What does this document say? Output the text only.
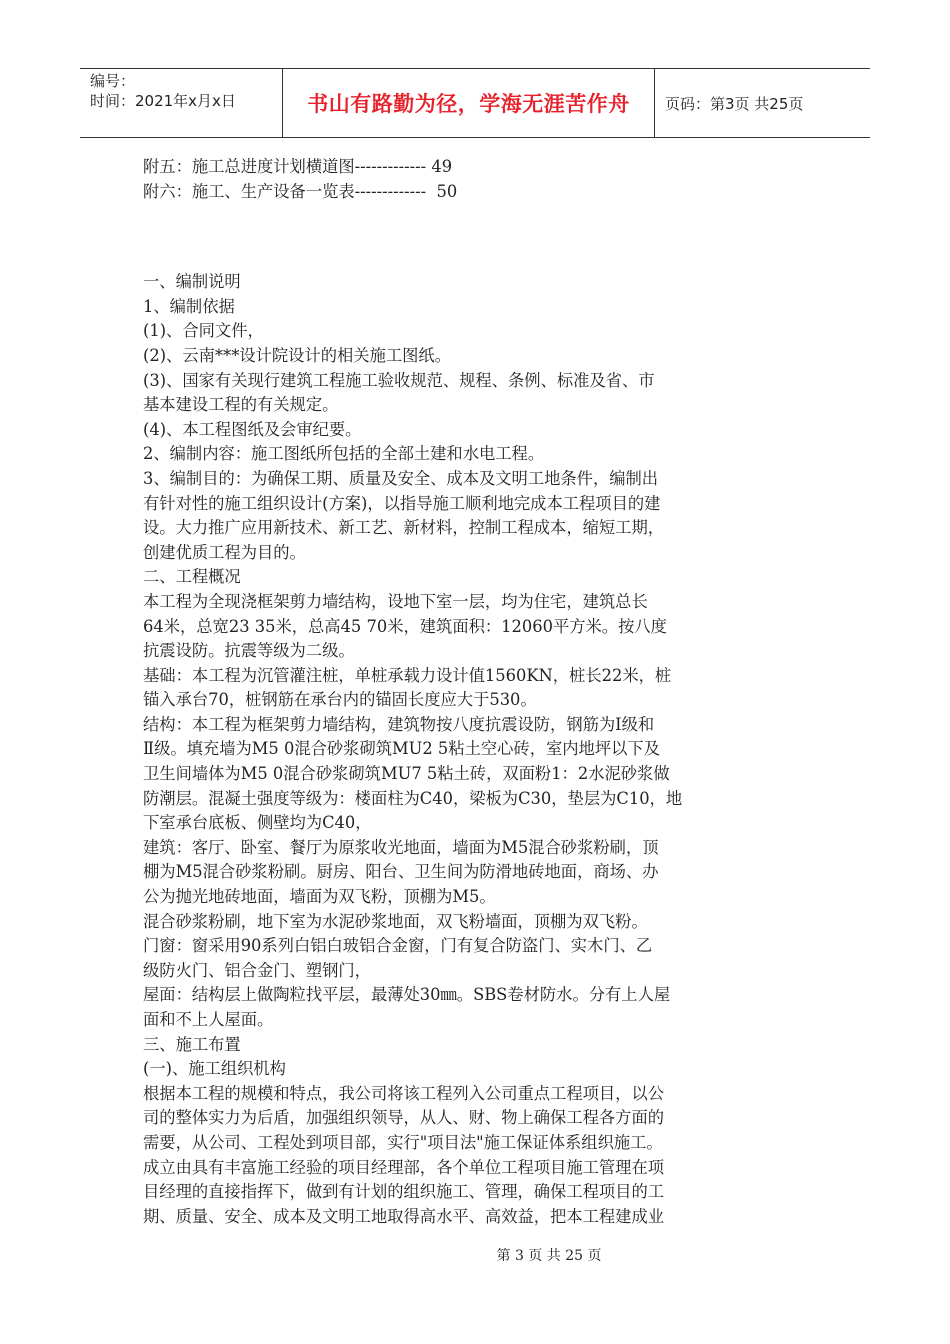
编号：
时间：2021年x月x日	书山有路勤为径，学海无涯苦作舟	页码：第3页 共25页

附五：施工总进度计划横道图------------- 49

附六：施工、生产设备一览表-------------  50

一、编制说明

1、编制依据

(1)、合同文件，

(2)、云南***设计院设计的相关施工图纸。

(3)、国家有关现行建筑工程施工验收规范、规程、条例、标准及省、市

基本建设工程的有关规定。

(4)、本工程图纸及会审纪要。

2、编制内容：施工图纸所包括的全部土建和水电工程。

3、编制目的：为确保工期、质量及安全、成本及文明工地条件，编制出

有针对性的施工组织设计(方案)，以指导施工顺利地完成本工程项目的建

设。大力推广应用新技术、新工艺、新材料，控制工程成本，缩短工期，

创建优质工程为目的。

二、工程概况

本工程为全现浇框架剪力墙结构，设地下室一层，均为住宅，建筑总长

64米，总宽23 35米，总高45 70米，建筑面积：12060平方米。按八度

抗震设防。抗震等级为二级。

基础：本工程为沉管灌注桩，单桩承载力设计值1560KN，桩长22米，桩

锚入承台70，桩钢筋在承台内的锚固长度应大于530。

结构：本工程为框架剪力墙结构，建筑物按八度抗震设防，钢筋为Ⅰ级和

Ⅱ级。填充墙为M5 0混合砂浆砌筑MU2 5粘土空心砖，室内地坪以下及

卫生间墙体为M5 0混合砂浆砌筑MU7 5粘土砖，双面粉1：2水泥砂浆做

防潮层。混凝土强度等级为：楼面柱为C40，梁板为C30，垫层为C10，地

下室承台底板、侧壁均为C40，

建筑：客厅、卧室、餐厅为原浆收光地面，墙面为M5混合砂浆粉刷，顶

棚为M5混合砂浆粉刷。厨房、阳台、卫生间为防滑地砖地面，商场、办

公为抛光地砖地面，墙面为双飞粉，顶棚为M5。

混合砂浆粉刷，地下室为水泥砂浆地面，双飞粉墙面，顶棚为双飞粉。

门窗：窗采用90系列白铝白玻铝合金窗，门有复合防盗门、实木门、乙

级防火门、铝合金门、塑钢门，

屋面：结构层上做陶粒找平层，最薄处30㎜。SBS卷材防水。分有上人屋

面和不上人屋面。

三、施工布置

(一)、施工组织机构

根据本工程的规模和特点，我公司将该工程列入公司重点工程项目，以公

司的整体实力为后盾，加强组织领导，从人、财、物上确保工程各方面的

需要，从公司、工程处到项目部，实行"项目法"施工保证体系组织施工。

成立由具有丰富施工经验的项目经理部，各个单位工程项目施工管理在项

目经理的直接指挥下，做到有计划的组织施工、管理，确保工程项目的工

期、质量、安全、成本及文明工地取得高水平、高效益，把本工程建成业

第 3 页 共 25 页
